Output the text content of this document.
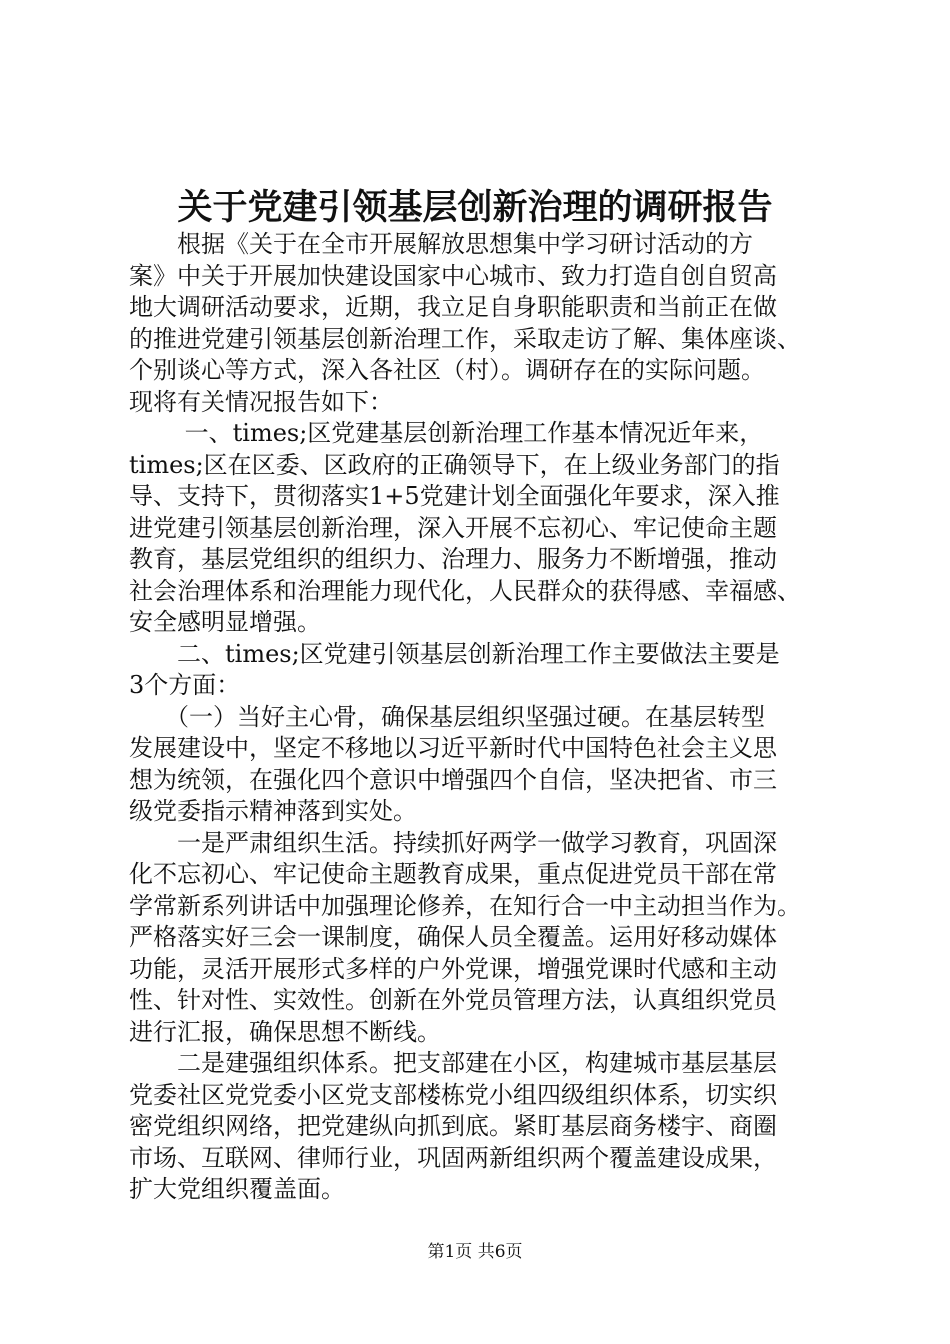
关于党建引领基层创新治理的调研报告
　　根据《关于在全市开展解放思想集中学习研讨活动的方
案》中关于开展加快建设国家中心城市、致力打造自创自贸高
地大调研活动要求，近期，我立足自身职能职责和当前正在做
的推进党建引领基层创新治理工作，采取走访了解、集体座谈、
个别谈心等方式，深入各社区（村）。调研存在的实际问题。
现将有关情况报告如下：
　　 一、times;区党建基层创新治理工作基本情况近年来，
times;区在区委、区政府的正确领导下，在上级业务部门的指
导、支持下，贯彻落实1+5党建计划全面强化年要求，深入推
进党建引领基层创新治理，深入开展不忘初心、牢记使命主题
教育，基层党组织的组织力、治理力、服务力不断增强，推动
社会治理体系和治理能力现代化，人民群众的获得感、幸福感、
安全感明显增强。
　　二、times;区党建引领基层创新治理工作主要做法主要是
3个方面：
　　（一）当好主心骨，确保基层组织坚强过硬。在基层转型
发展建设中，坚定不移地以习近平新时代中国特色社会主义思
想为统领，在强化四个意识中增强四个自信，坚决把省、市三
级党委指示精神落到实处。
　　一是严肃组织生活。持续抓好两学一做学习教育，巩固深
化不忘初心、牢记使命主题教育成果，重点促进党员干部在常
学常新系列讲话中加强理论修养，在知行合一中主动担当作为。
严格落实好三会一课制度，确保人员全覆盖。运用好移动媒体
功能，灵活开展形式多样的户外党课，增强党课时代感和主动
性、针对性、实效性。创新在外党员管理方法，认真组织党员
进行汇报，确保思想不断线。
　　二是建强组织体系。把支部建在小区，构建城市基层基层
党委社区党党委小区党支部楼栋党小组四级组织体系，切实织
密党组织网络，把党建纵向抓到底。紧盯基层商务楼宇、商圈
市场、互联网、律师行业，巩固两新组织两个覆盖建设成果，
扩大党组织覆盖面。
第1页 共6页
